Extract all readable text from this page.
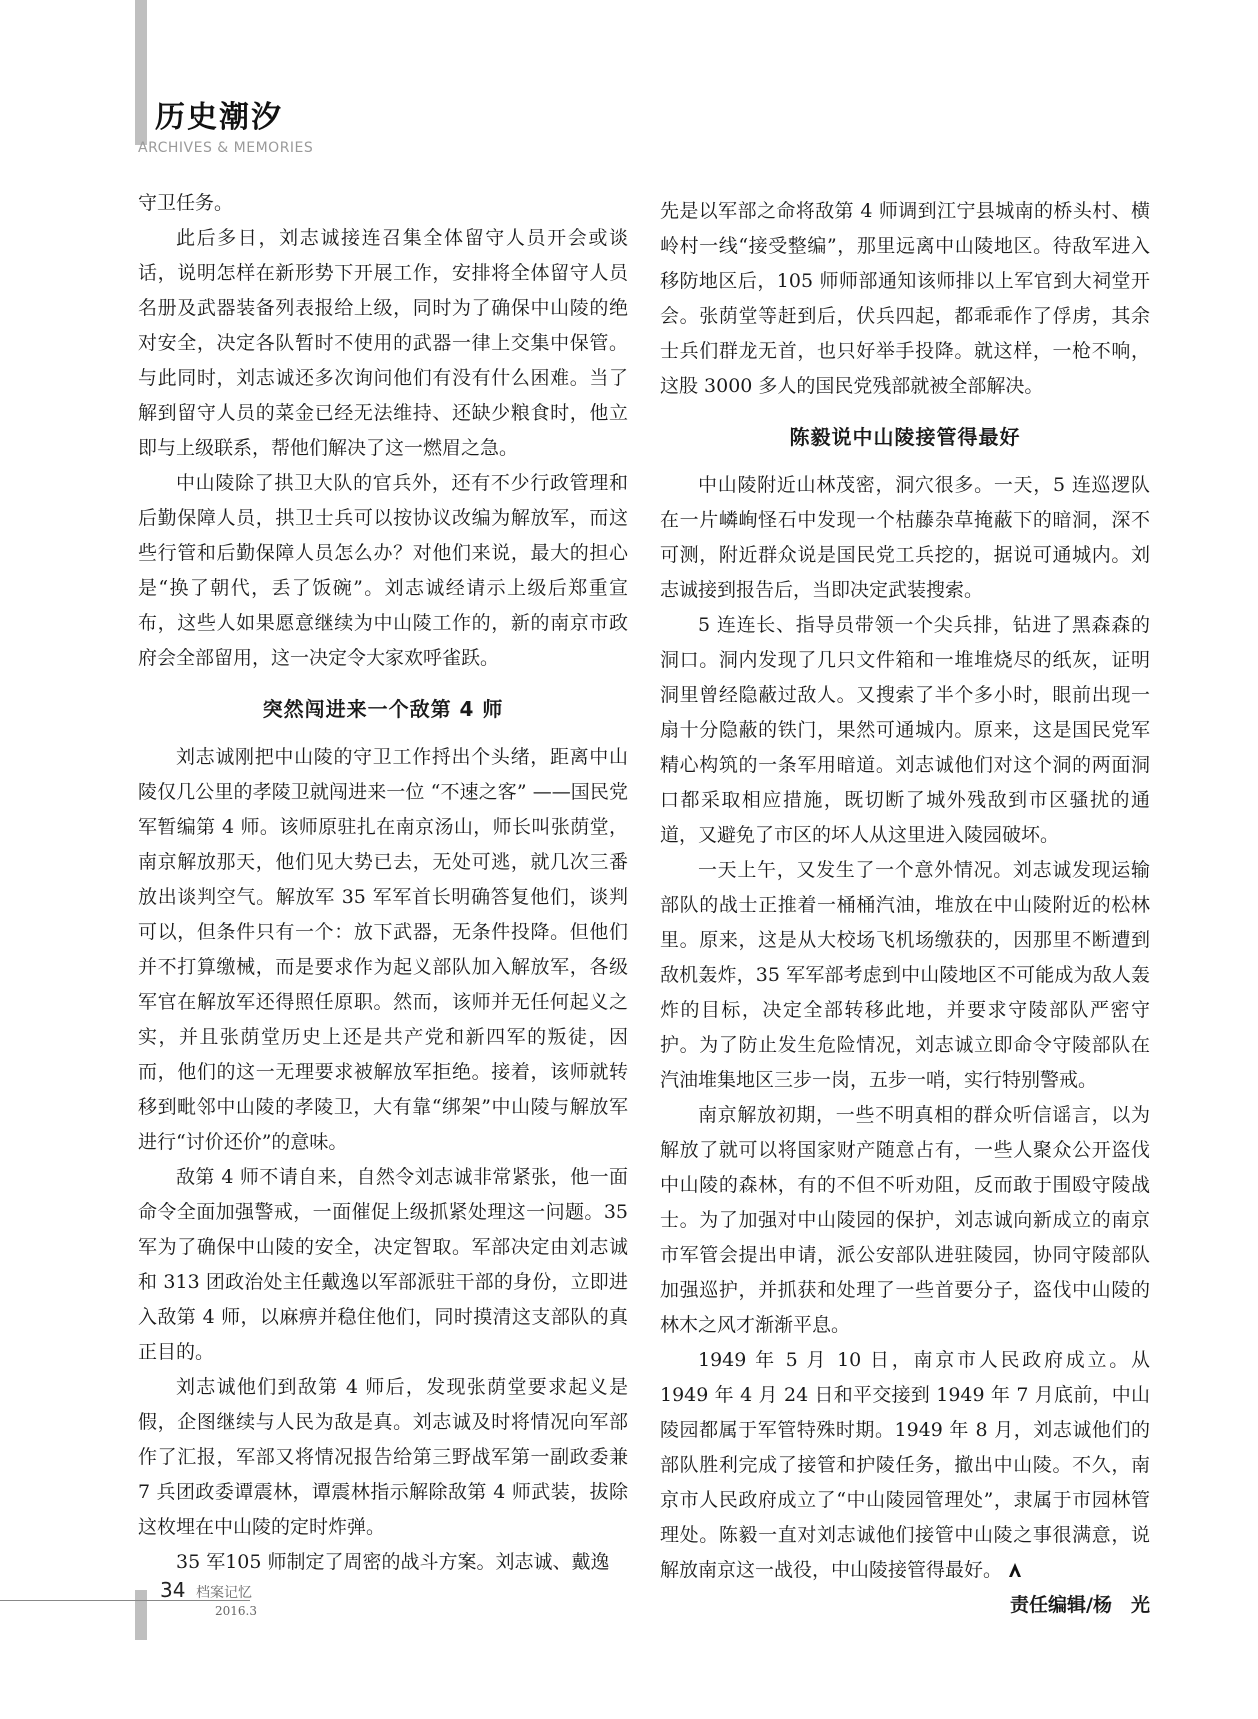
历史潮汐
ARCHIVES & MEMORIES

守卫任务。

此后多日，刘志诚接连召集全体留守人员开会或谈话，说明怎样在新形势下开展工作，安排将全体留守人员名册及武器装备列表报给上级，同时为了确保中山陵的绝对安全，决定各队暂时不使用的武器一律上交集中保管。与此同时，刘志诚还多次询问他们有没有什么困难。当了解到留守人员的菜金已经无法维持、还缺少粮食时，他立即与上级联系，帮他们解决了这一燃眉之急。

中山陵除了拱卫大队的官兵外，还有不少行政管理和后勤保障人员，拱卫士兵可以按协议改编为解放军，而这些行管和后勤保障人员怎么办？对他们来说，最大的担心是“换了朝代，丢了饭碗”。刘志诚经请示上级后郑重宣布，这些人如果愿意继续为中山陵工作的，新的南京市政府会全部留用，这一决定令大家欢呼雀跃。

突然闯进来一个敌第 4 师

刘志诚刚把中山陵的守卫工作捋出个头绪，距离中山陵仅几公里的孝陵卫就闯进来一位 “不速之客” ——国民党军暂编第 4 师。该师原驻扎在南京汤山，师长叫张荫堂，南京解放那天，他们见大势已去，无处可逃，就几次三番放出谈判空气。解放军 35 军军首长明确答复他们，谈判可以，但条件只有一个：放下武器，无条件投降。但他们并不打算缴械，而是要求作为起义部队加入解放军，各级军官在解放军还得照任原职。然而，该师并无任何起义之实，并且张荫堂历史上还是共产党和新四军的叛徒，因而，他们的这一无理要求被解放军拒绝。接着，该师就转移到毗邻中山陵的孝陵卫，大有靠“绑架”中山陵与解放军进行“讨价还价”的意味。

敌第 4 师不请自来，自然令刘志诚非常紧张，他一面命令全面加强警戒，一面催促上级抓紧处理这一问题。35 军为了确保中山陵的安全，决定智取。军部决定由刘志诚和 313 团政治处主任戴逸以军部派驻干部的身份，立即进入敌第 4 师，以麻痹并稳住他们，同时摸清这支部队的真正目的。

刘志诚他们到敌第 4 师后，发现张荫堂要求起义是假，企图继续与人民为敌是真。刘志诚及时将情况向军部作了汇报，军部又将情况报告给第三野战军第一副政委兼 7 兵团政委谭震林，谭震林指示解除敌第 4 师武装，拔除这枚埋在中山陵的定时炸弹。

35 军105 师制定了周密的战斗方案。刘志诚、戴逸

先是以军部之命将敌第 4 师调到江宁县城南的桥头村、横岭村一线“接受整编”，那里远离中山陵地区。待敌军进入移防地区后，105 师师部通知该师排以上军官到大祠堂开会。张荫堂等赶到后，伏兵四起，都乖乖作了俘虏，其余士兵们群龙无首，也只好举手投降。就这样，一枪不响，这股 3000 多人的国民党残部就被全部解决。

陈毅说中山陵接管得最好

中山陵附近山林茂密，洞穴很多。一天，5 连巡逻队在一片嶙峋怪石中发现一个枯藤杂草掩蔽下的暗洞，深不可测，附近群众说是国民党工兵挖的，据说可通城内。刘志诚接到报告后，当即决定武装搜索。

5 连连长、指导员带领一个尖兵排，钻进了黑森森的洞口。洞内发现了几只文件箱和一堆堆烧尽的纸灰，证明洞里曾经隐蔽过敌人。又搜索了半个多小时，眼前出现一扇十分隐蔽的铁门，果然可通城内。原来，这是国民党军精心构筑的一条军用暗道。刘志诚他们对这个洞的两面洞口都采取相应措施，既切断了城外残敌到市区骚扰的通道，又避免了市区的坏人从这里进入陵园破坏。

一天上午，又发生了一个意外情况。刘志诚发现运输部队的战士正推着一桶桶汽油，堆放在中山陵附近的松林里。原来，这是从大校场飞机场缴获的，因那里不断遭到敌机轰炸，35 军军部考虑到中山陵地区不可能成为敌人轰炸的目标，决定全部转移此地，并要求守陵部队严密守护。为了防止发生危险情况，刘志诚立即命令守陵部队在汽油堆集地区三步一岗，五步一哨，实行特别警戒。

南京解放初期，一些不明真相的群众听信谣言，以为解放了就可以将国家财产随意占有，一些人聚众公开盗伐中山陵的森林，有的不但不听劝阻，反而敢于围殴守陵战士。为了加强对中山陵园的保护，刘志诚向新成立的南京市军管会提出申请，派公安部队进驻陵园，协同守陵部队加强巡护，并抓获和处理了一些首要分子，盗伐中山陵的林木之风才渐渐平息。

1949 年 5 月 10 日，南京市人民政府成立。从 1949 年 4 月 24 日和平交接到 1949 年 7 月底前，中山陵园都属于军管特殊时期。1949 年 8 月，刘志诚他们的部队胜利完成了接管和护陵任务，撤出中山陵。不久，南京市人民政府成立了“中山陵园管理处”，隶属于市园林管理处。陈毅一直对刘志诚他们接管中山陵之事很满意，说解放南京这一战役，中山陵接管得最好。

责任编辑/杨　光

34 档案记忆
2016.3
